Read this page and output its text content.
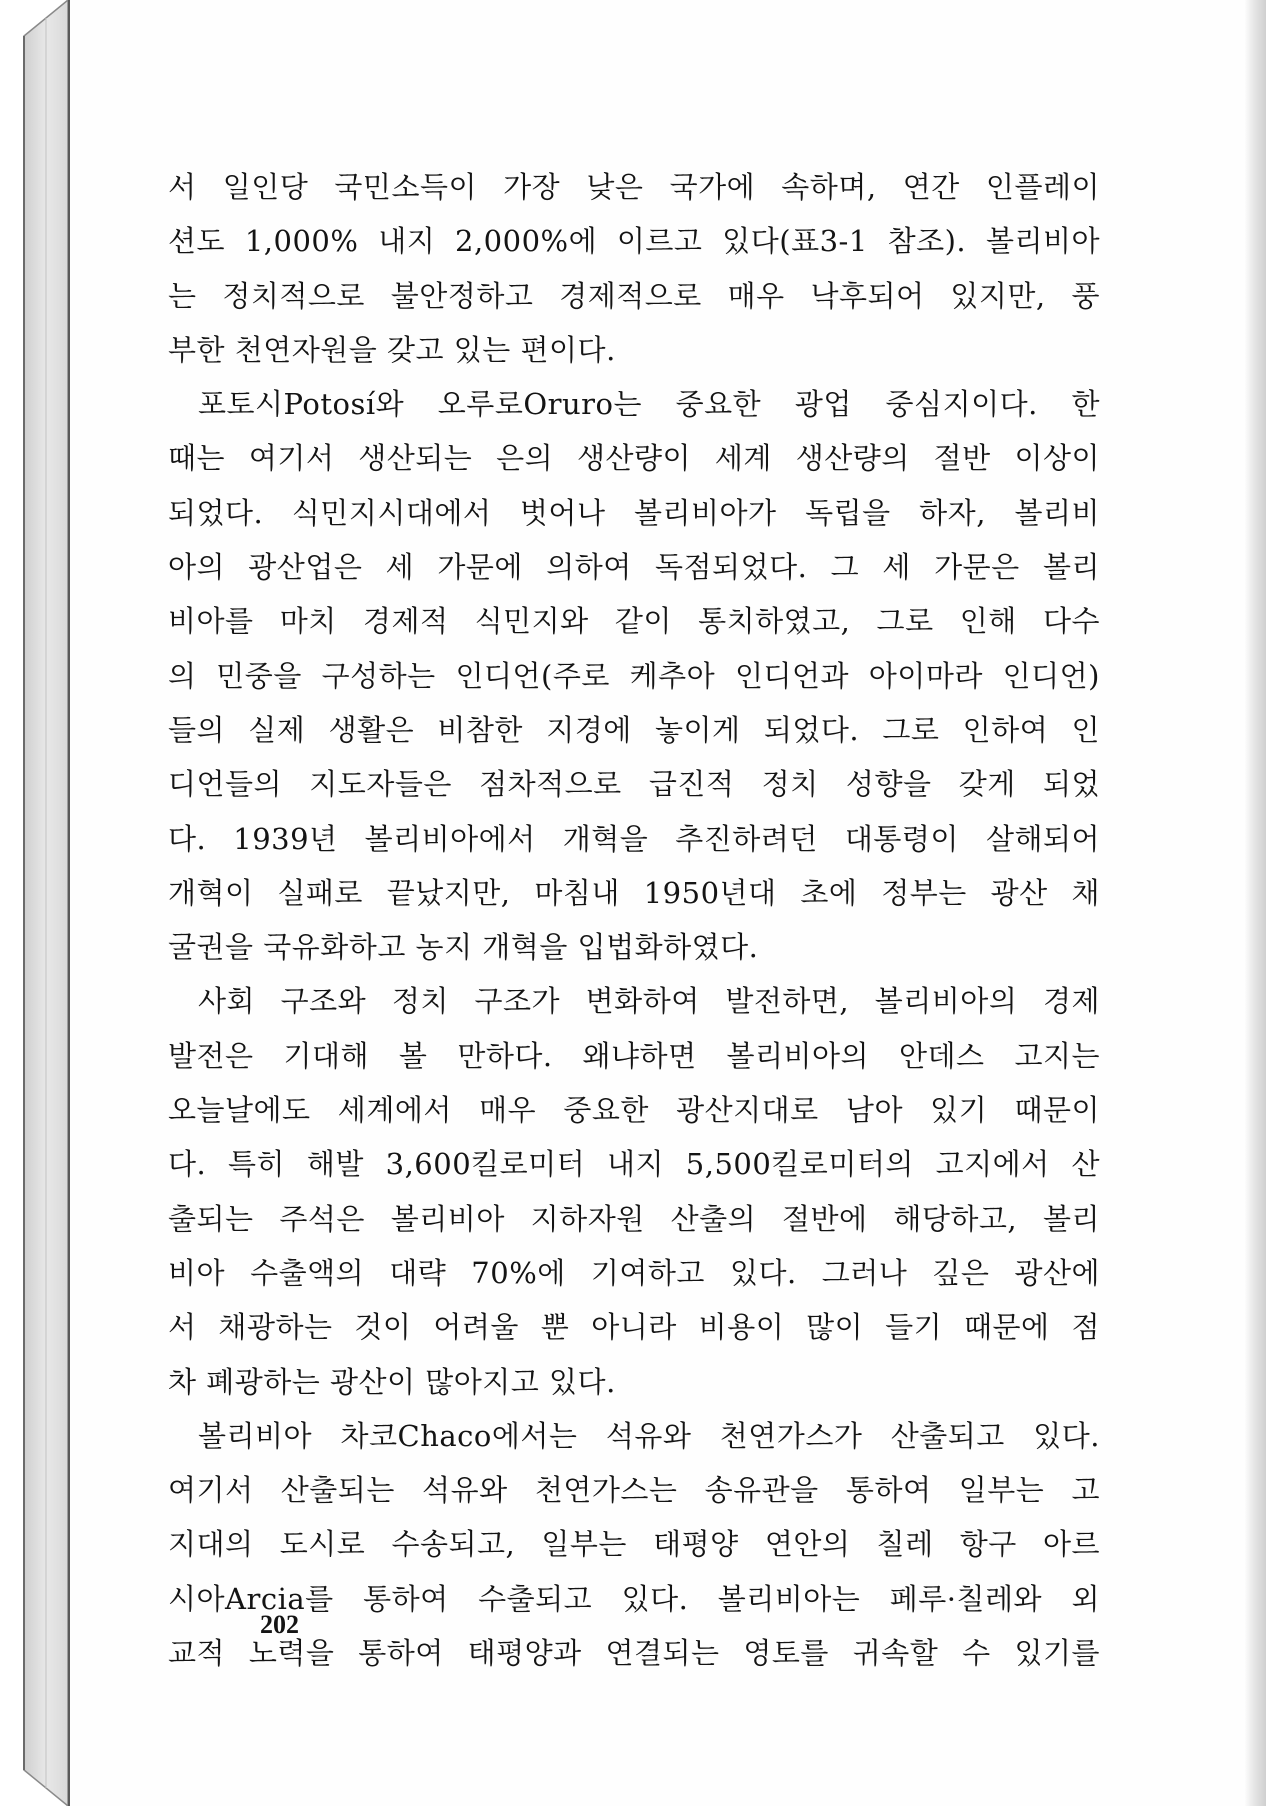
서 일인당 국민소득이 가장 낮은 국가에 속하며, 연간 인플레이
션도 1,000% 내지 2,000%에 이르고 있다(표3-1 참조). 볼리비아
는 정치적으로 불안정하고 경제적으로 매우 낙후되어 있지만, 풍
부한 천연자원을 갖고 있는 편이다.
포토시Potosí와 오루로Oruro는 중요한 광업 중심지이다. 한
때는 여기서 생산되는 은의 생산량이 세계 생산량의 절반 이상이
되었다. 식민지시대에서 벗어나 볼리비아가 독립을 하자, 볼리비
아의 광산업은 세 가문에 의하여 독점되었다. 그 세 가문은 볼리
비아를 마치 경제적 식민지와 같이 통치하였고, 그로 인해 다수
의 민중을 구성하는 인디언(주로 케추아 인디언과 아이마라 인디언)
들의 실제 생활은 비참한 지경에 놓이게 되었다. 그로 인하여 인
디언들의 지도자들은 점차적으로 급진적 정치 성향을 갖게 되었
다. 1939년 볼리비아에서 개혁을 추진하려던 대통령이 살해되어
개혁이 실패로 끝났지만, 마침내 1950년대 초에 정부는 광산 채
굴권을 국유화하고 농지 개혁을 입법화하였다.
사회 구조와 정치 구조가 변화하여 발전하면, 볼리비아의 경제
발전은 기대해 볼 만하다. 왜냐하면 볼리비아의 안데스 고지는
오늘날에도 세계에서 매우 중요한 광산지대로 남아 있기 때문이
다. 특히 해발 3,600킬로미터 내지 5,500킬로미터의 고지에서 산
출되는 주석은 볼리비아 지하자원 산출의 절반에 해당하고, 볼리
비아 수출액의 대략 70%에 기여하고 있다. 그러나 깊은 광산에
서 채광하는 것이 어려울 뿐 아니라 비용이 많이 들기 때문에 점
차 폐광하는 광산이 많아지고 있다.
볼리비아 차코Chaco에서는 석유와 천연가스가 산출되고 있다.
여기서 산출되는 석유와 천연가스는 송유관을 통하여 일부는 고
지대의 도시로 수송되고, 일부는 태평양 연안의 칠레 항구 아르
시아Arcia를 통하여 수출되고 있다. 볼리비아는 페루·칠레와 외
교적 노력을 통하여 태평양과 연결되는 영토를 귀속할 수 있기를
202
